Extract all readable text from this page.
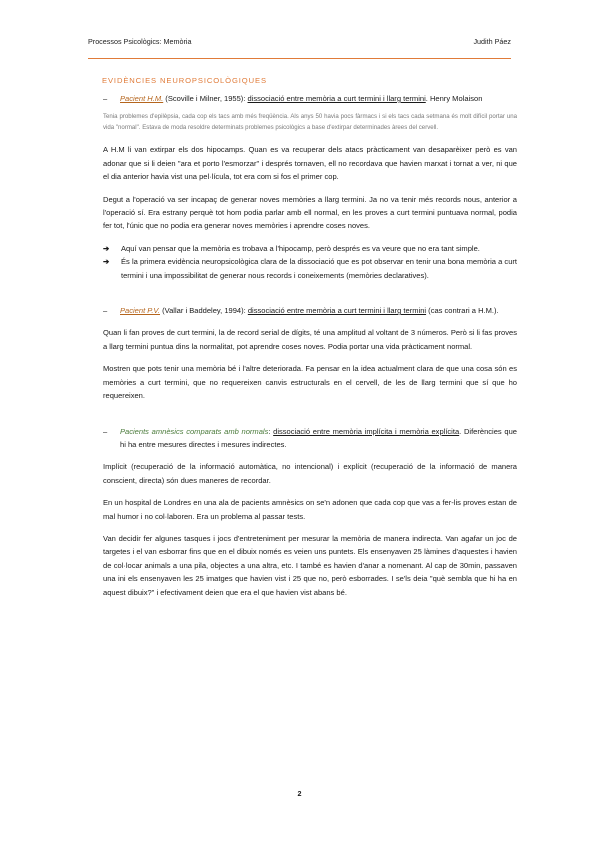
Processos Psicològics: Memòria	Judith Páez
EVIDÈNCIES NEUROPSICOLÒGIQUES
– Pacient H.M. (Scoville i Milner, 1955): dissociació entre memòria a curt termini i llarg termini. Henry Molaison

Tenia problemes d'epilèpsia, cada cop els tacs amb més freqüència. Als anys 50 havia pocs fàrmacs i si els tacs cada setmana és molt difícil portar una vida "normal". Estava de moda resoldre determinats problemes psicològics a base d'extirpar determinades àrees del cervell.

A H.M li van extirpar els dos hipocamps. Quan es va recuperar dels atacs pràcticament van desaparèixer però es van adonar que si li deien "ara et porto l'esmorzar" i després tornaven, ell no recordava que havien marxat i tornat a ver, ni que el dia anterior havia vist una pel·lícula, tot era com si fos el primer cop.

Degut a l'operació va ser incapaç de generar noves memòries a llarg termini. Ja no va tenir més records nous, anterior a l'operació sí. Era estrany perquè tot hom podia parlar amb ell normal, en les proves a curt termini puntuava normal, podia fer tot, l'únic que no podia era generar noves memòries i aprendre coses noves.

➔ Aquí van pensar que la memòria es trobava a l'hipocamp, però després es va veure que no era tant simple.
➔ És la primera evidència neuropsicològica clara de la dissociació que es pot observar en tenir una bona memòria a curt termini i una impossibilitat de generar nous records i coneixements (memòries declaratives).
– Pacient P.V. (Vallar i Baddeley, 1994): dissociació entre memòria a curt termini i llarg termini (cas contrari a H.M.).

Quan li fan proves de curt termini, la de record serial de dígits, té una amplitud al voltant de 3 números. Però si li fas proves a llarg termini puntua dins la normalitat, pot aprendre coses noves. Podia portar una vida pràcticament normal.

Mostren que pots tenir una memòria bé i l'altre deteriorada. Fa pensar en la idea actualment clara de que una cosa són es memòries a curt termini, que no requereixen canvis estructurals en el cervell, de les de llarg termini que sí que ho requereixen.

– Pacients amnèsics comparats amb normals: dissociació entre memòria implícita i memòria explícita. Diferències que hi ha entre mesures directes i mesures indirectes.

Implícit (recuperació de la informació automàtica, no intencional) i explícit (recuperació de la informació de manera conscient, directa) són dues maneres de recordar.

En un hospital de Londres en una ala de pacients amnèsics on se'n adonen que cada cop que vas a fer-lis proves estan de mal humor i no col·laboren. Era un problema al passar tests.

Van decidir fer algunes tasques i jocs d'entreteniment per mesurar la memòria de manera indirecta. Van agafar un joc de targetes i el van esborrar fins que en el dibuix només es veien uns puntets. Els ensenyaven 25 làmines d'aquestes i havien de col·locar animals a una pila, objectes a una altra, etc. I també es havien d'anar a nomenant. Al cap de 30min, passaven una ini els ensenyaven les 25 imatges que havien vist i 25 que no, però esborrades. I se'ls deia "què sembla que hi ha en aquest dibuix?" i efectivament deien que era el que havien vist abans bé.

2
